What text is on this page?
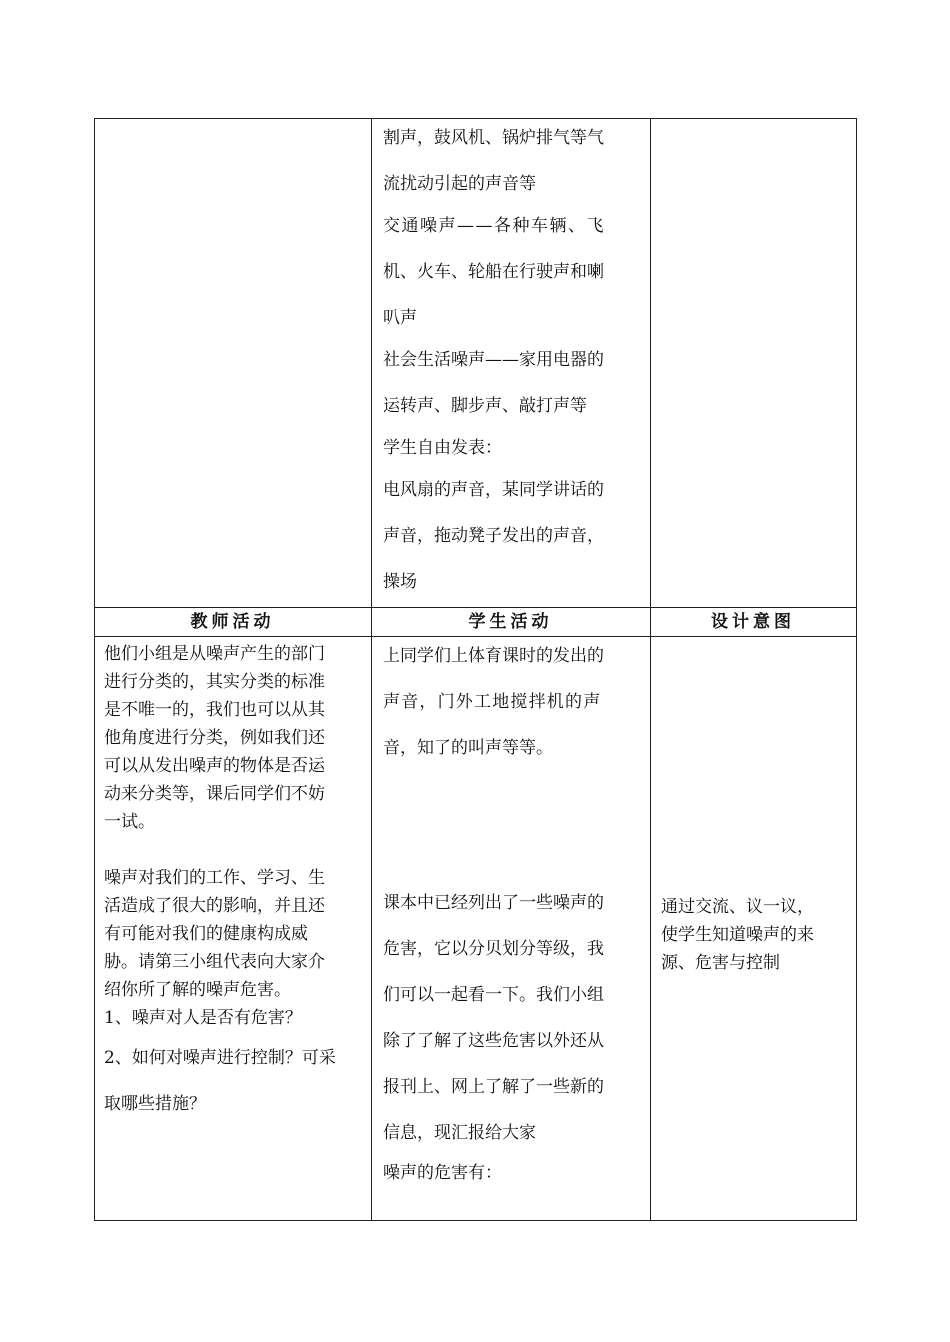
割声，鼓风机、锅炉排气等气

流扰动引起的声音等

交通噪声——各种车辆、飞

机、火车、轮船在行驶声和喇

叭声

社会生活噪声——家用电器的

运转声、脚步声、敲打声等

学生自由发表：

电风扇的声音，某同学讲话的

声音，拖动凳子发出的声音，

操场

教师活动	学生活动	设计意图

他们小组是从噪声产生的部门

进行分类的，其实分类的标准

是不唯一的，我们也可以从其

他角度进行分类，例如我们还

可以从发出噪声的物体是否运

动来分类等，课后同学们不妨

一试。

噪声对我们的工作、学习、生

活造成了很大的影响，并且还

有可能对我们的健康构成威

胁。请第三小组代表向大家介

绍你所了解的噪声危害。

1、噪声对人是否有危害？

2、如何对噪声进行控制？可采

取哪些措施？

上同学们上体育课时的发出的

声音，门外工地搅拌机的声

音，知了的叫声等等。

课本中已经列出了一些噪声的

危害，它以分贝划分等级，我

们可以一起看一下。我们小组

除了了解了这些危害以外还从

报刊上、网上了解了一些新的

信息，现汇报给大家

噪声的危害有：

通过交流、议一议，

使学生知道噪声的来

源、危害与控制
